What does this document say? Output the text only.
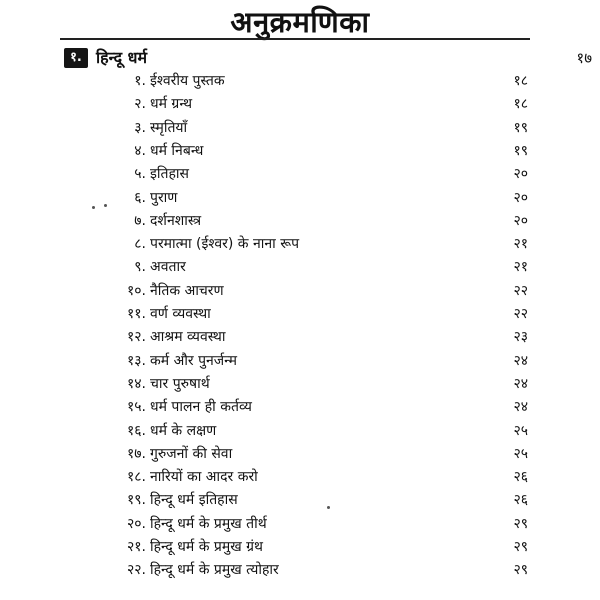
अनुक्रमणिका
१. हिन्दू धर्म	१७
१. ईश्वरीय पुस्तक	१८
२. धर्म ग्रन्थ	१८
३. स्मृतियाँ	१९
४. धर्म निबन्ध	१९
५. इतिहास	२०
६. पुराण	२०
७. दर्शनशास्त्र	२०
८. परमात्मा (ईश्वर) के नाना रूप	२१
९. अवतार	२१
१०. नैतिक आचरण	२२
११. वर्ण व्यवस्था	२२
१२. आश्रम व्यवस्था	२३
१३. कर्म और पुनर्जन्म	२४
१४. चार पुरुषार्थ	२४
१५. धर्म पालन ही कर्तव्य	२४
१६. धर्म के लक्षण	२५
१७. गुरुजनों की सेवा	२५
१८. नारियों का आदर करो	२६
१९. हिन्दू धर्म इतिहास	२६
२०. हिन्दू धर्म के प्रमुख तीर्थ	२९
२१. हिन्दू धर्म के प्रमुख ग्रंथ	२९
२२. हिन्दू धर्म के प्रमुख त्योहार	२९
